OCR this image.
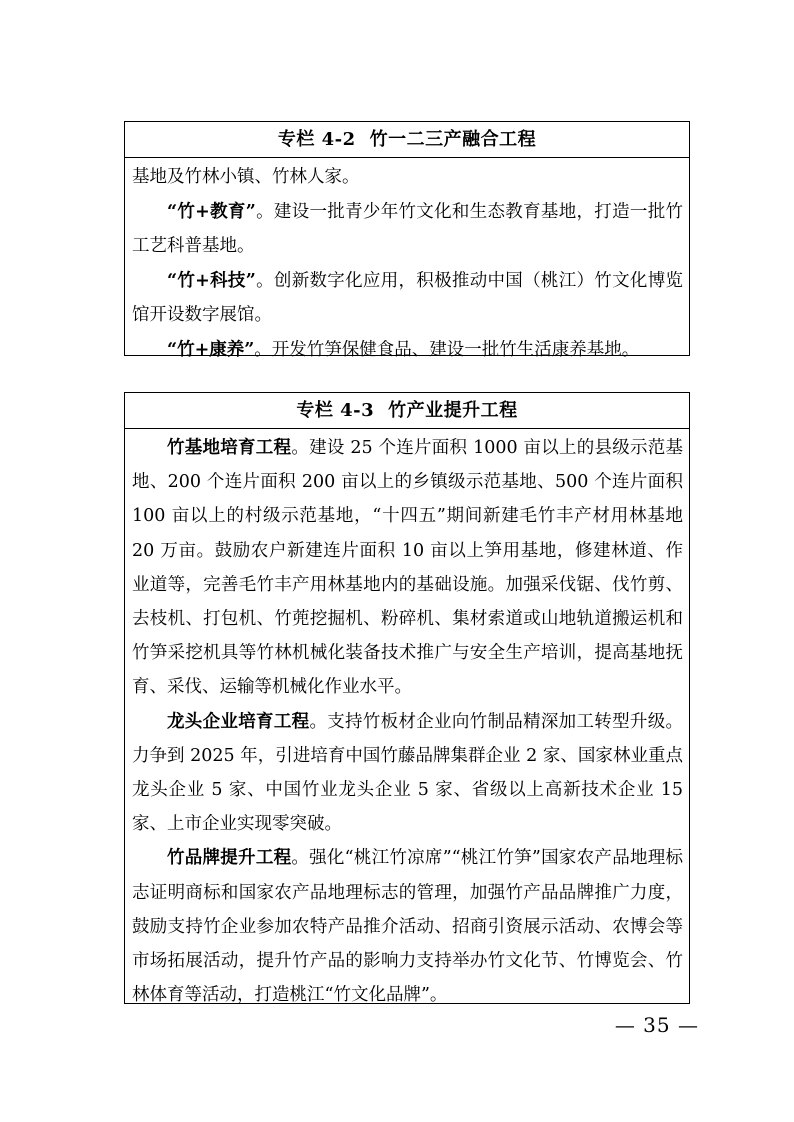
专栏 4-2 竹一二三产融合工程

基地及竹林小镇、竹林人家。

“竹+教育”。建设一批青少年竹文化和生态教育基地，打造一批竹工艺科普基地。

“竹+科技”。创新数字化应用，积极推动中国（桃江）竹文化博览馆开设数字展馆。

“竹+康养”。开发竹笋保健食品、建设一批竹生活康养基地。

专栏 4-3 竹产业提升工程

竹基地培育工程。建设 25 个连片面积 1000 亩以上的县级示范基地、200 个连片面积 200 亩以上的乡镇级示范基地、500 个连片面积 100 亩以上的村级示范基地，“十四五”期间新建毛竹丰产材用林基地 20 万亩。鼓励农户新建连片面积 10 亩以上笋用基地，修建林道、作业道等，完善毛竹丰产用林基地内的基础设施。加强采伐锯、伐竹剪、去枝机、打包机、竹蔸挖掘机、粉碎机、集材索道或山地轨道搬运机和竹笋采挖机具等竹林机械化装备技术推广与安全生产培训，提高基地抚育、采伐、运输等机械化作业水平。

龙头企业培育工程。支持竹板材企业向竹制品精深加工转型升级。力争到 2025 年，引进培育中国竹藤品牌集群企业 2 家、国家林业重点龙头企业 5 家、中国竹业龙头企业 5 家、省级以上高新技术企业 15 家、上市企业实现零突破。

竹品牌提升工程。强化“桃江竹凉席”“桃江竹笋”国家农产品地理标志证明商标和国家农产品地理标志的管理，加强竹产品品牌推广力度，鼓励支持竹企业参加农特产品推介活动、招商引资展示活动、农博会等市场拓展活动，提升竹产品的影响力支持举办竹文化节、竹博览会、竹林体育等活动，打造桃江“竹文化品牌”。

— 35 —
